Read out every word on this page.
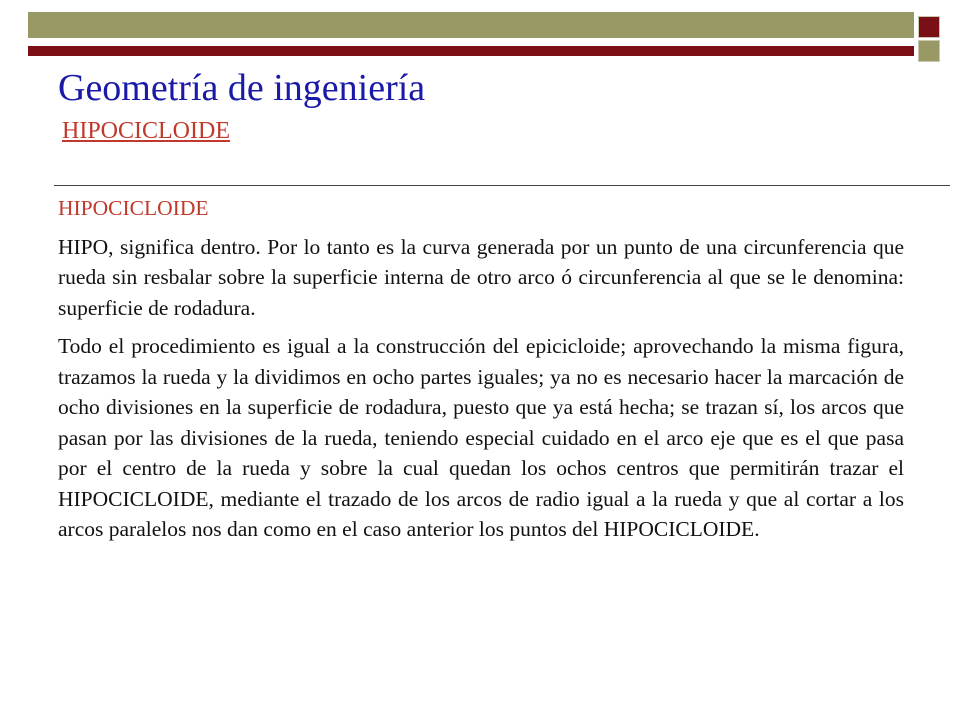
Geometría de ingeniería
HIPOCICLOIDE
HIPOCICLOIDE

HIPO, significa dentro. Por lo tanto es la curva generada por un punto de una circunferencia que rueda sin resbalar sobre la superficie interna de otro arco ó circunferencia al que se le denomina: superficie de rodadura.

Todo el procedimiento es igual a la construcción del epicicloide; aprovechando la misma figura, trazamos la rueda y la dividimos en ocho partes iguales; ya no es necesario hacer la marcación de ocho divisiones en la superficie de rodadura, puesto que ya está hecha; se trazan sí, los arcos que pasan por las divisiones de la rueda, teniendo especial cuidado en el arco eje que es el que pasa por el centro de la rueda y sobre la cual quedan los ochos centros que permitirán trazar el HIPOCICLOIDE, mediante el trazado de los arcos de radio igual a la rueda y que al cortar a los arcos paralelos nos dan como en el caso anterior los puntos del HIPOCICLOIDE.
